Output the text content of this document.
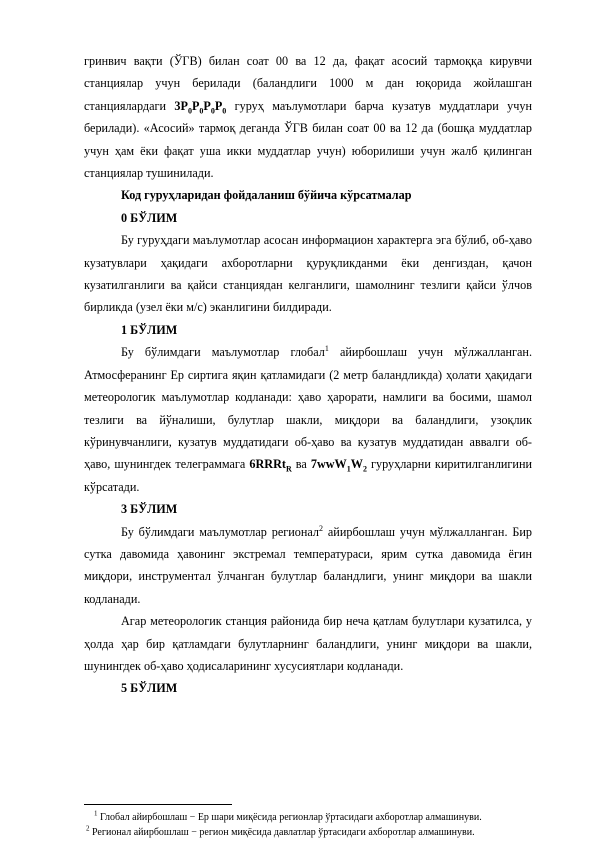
гринвич вақти (ЎГВ) билан соат 00 ва 12 да, фақат асосий тармоққа кирувчи станциялар учун берилади (баландлиги 1000 м дан юқорида жойлашган станциялардаги $3P_0P_0P_0P_0$ гуруҳ маълумотлари барча кузатув муддатлари учун берилади). «Асосий» тармоқ деганда ЎГВ билан соат 00 ва 12 да (бошқа муддатлар учун ҳам ёки фақат уша икки муддатлар учун) юборилиши учун жалб қилинган станциялар тушинилади.

Код гуруҳларидан фойдаланиш бўйича кўрсатмалар

0 БЎЛИМ

Бу гуруҳдаги маълумотлар асосан информацион характерга эга бўлиб, об-ҳаво кузатувлари ҳақидаги ахборотларни қуруқликданми ёки денгиздан, қачон кузатилганлиги ва қайси станциядан келганлиги, шамолнинг тезлиги қайси ўлчов бирликда (узел ёки м/с) эканлигини билдиради.

1 БЎЛИМ

Бу бўлимдаги маълумотлар глобал$^1$ айирбошлаш учун мўлжалланган. Атмосферанинг Ер сиртига яқин қатламидаги (2 метр баландликда) ҳолати ҳақидаги метеорологик маълумотлар кодланади: ҳаво ҳарорати, намлиги ва босими, шамол тезлиги ва йўналиши, булутлар шакли, миқдори ва баландлиги, узоқлик кўринувчанлиги, кузатув муддатидаги об-ҳаво ва кузатув муддатидан аввалги об-ҳаво, шунингдек телеграммага 6RRRt$_R$ ва $7wwW_1W_2$ гуруҳларни киритилганлигини кўрсатади.

3 БЎЛИМ

Бу бўлимдаги маълумотлар регионал$^2$ айирбошлаш учун мўлжалланган. Бир сутка давомида ҳавонинг экстремал температураси, ярим сутка давомида ёгин миқдори, инструментал ўлчанган булутлар баландлиги, унинг миқдори ва шакли кодланади.

Агар метеорологик станция районида бир неча қатлам булутлари кузатилса, у ҳолда ҳар бир қатламдаги булутларнинг баландлиги, унинг миқдори ва шакли, шунингдек об-ҳаво ҳодисаларининг хусусиятлари кодланади.

5 БЎЛИМ

$^1$ Глобал айирбошлаш − Ер шари миқёсида регионлар ўртасидаги ахборотлар алмашинуви.
$^2$ Регионал айирбошлаш − регион миқёсида давлатлар ўртасидаги ахборотлар алмашинуви.
